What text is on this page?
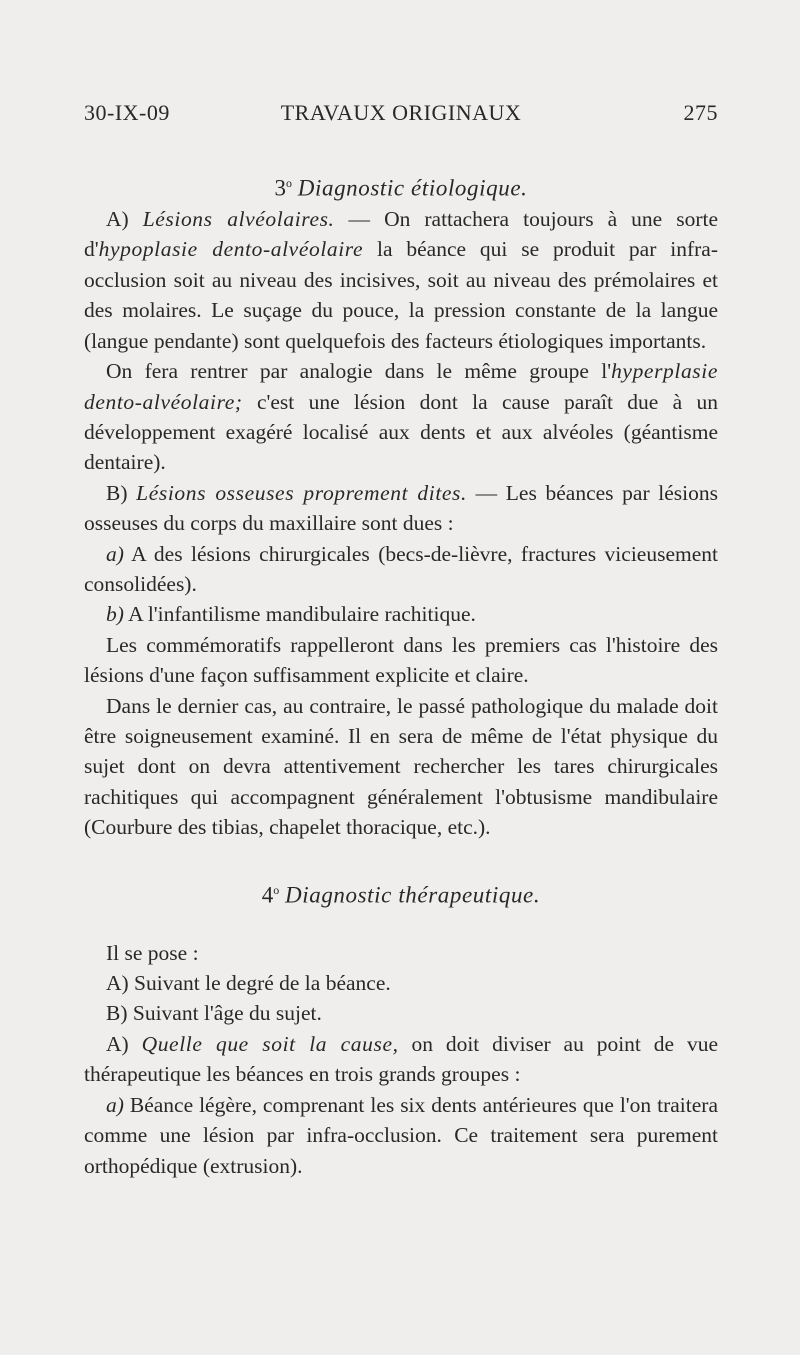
30-IX-09	TRAVAUX ORIGINAUX	275
3$^o$ Diagnostic étiologique.

A) Lésions alvéolaires. — On rattachera toujours à une sorte d'hypoplasie dento-alvéolaire la béance qui se produit par infra-occlusion soit au niveau des incisives, soit au niveau des prémolaires et des molaires. Le suçage du pouce, la pression constante de la langue (langue pendante) sont quelquefois des facteurs étiologiques importants.

On fera rentrer par analogie dans le même groupe l'hyperplasie dento-alvéolaire; c'est une lésion dont la cause paraît due à un développement exagéré localisé aux dents et aux alvéoles (géantisme dentaire).

B) Lésions osseuses proprement dites. — Les béances par lésions osseuses du corps du maxillaire sont dues :

a) A des lésions chirurgicales (becs-de-lièvre, fractures vicieusement consolidées).

b) A l'infantilisme mandibulaire rachitique.

Les commémoratifs rappelleront dans les premiers cas l'histoire des lésions d'une façon suffisamment explicite et claire.

Dans le dernier cas, au contraire, le passé pathologique du malade doit être soigneusement examiné. Il en sera de même de l'état physique du sujet dont on devra attentivement rechercher les tares chirurgicales rachitiques qui accompagnent généralement l'obtusisme mandibulaire (Courbure des tibias, chapelet thoracique, etc.).

4$^o$ Diagnostic thérapeutique.

Il se pose :

A) Suivant le degré de la béance.

B) Suivant l'âge du sujet.

A) Quelle que soit la cause, on doit diviser au point de vue thérapeutique les béances en trois grands groupes :

a) Béance légère, comprenant les six dents antérieures que l'on traitera comme une lésion par infra-occlusion. Ce traitement sera purement orthopédique (extrusion).
